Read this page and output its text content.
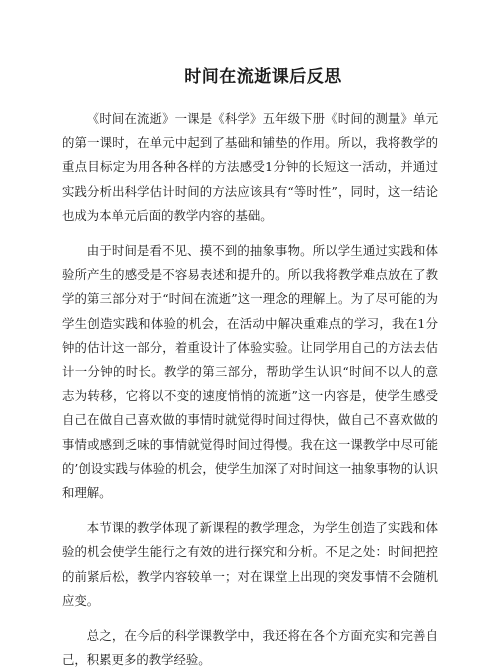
时间在流逝课后反思

《时间在流逝》一课是《科学》五年级下册《时间的测量》单元的第一课时，在单元中起到了基础和铺垫的作用。所以，我将教学的重点目标定为用各种各样的方法感受1分钟的长短这一活动，并通过实践分析出科学估计时间的方法应该具有“等时性”，同时，这一结论也成为本单元后面的教学内容的基础。

由于时间是看不见、摸不到的抽象事物。所以学生通过实践和体验所产生的感受是不容易表述和提升的。所以我将教学难点放在了教学的第三部分对于“时间在流逝”这一理念的理解上。为了尽可能的为学生创造实践和体验的机会，在活动中解决重难点的学习，我在1分钟的估计这一部分，着重设计了体验实验。让同学用自己的方法去估计一分钟的时长。教学的第三部分，帮助学生认识“时间不以人的意志为转移，它将以不变的速度悄悄的流逝”这一内容是，使学生感受自己在做自己喜欢做的事情时就觉得时间过得快，做自己不喜欢做的事情或感到乏味的事情就觉得时间过得慢。我在这一课教学中尽可能的’创设实践与体验的机会，使学生加深了对时间这一抽象事物的认识和理解。

本节课的教学体现了新课程的教学理念，为学生创造了实践和体验的机会使学生能行之有效的进行探究和分析。不足之处：时间把控的前紧后松，教学内容较单一；对在课堂上出现的突发事情不会随机应变。

总之，在今后的科学课教学中，我还将在各个方面充实和完善自己，积累更多的教学经验。
